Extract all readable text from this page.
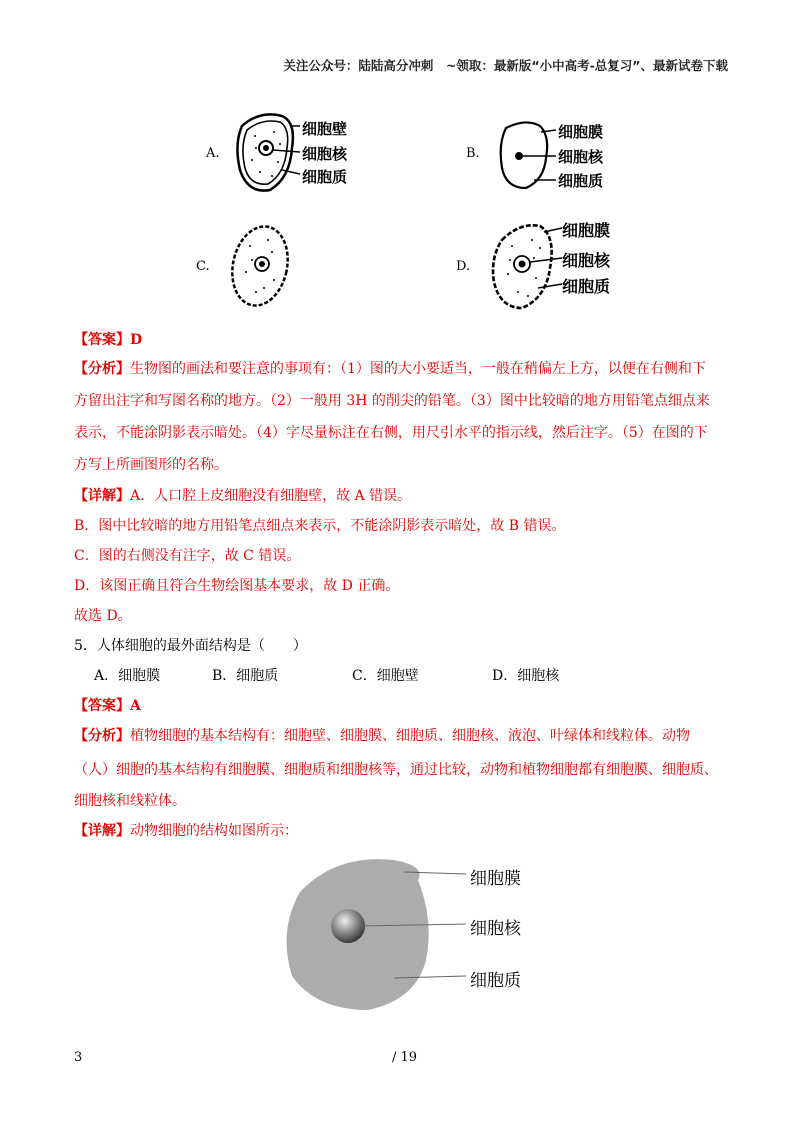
关注公众号：陆陆高分冲刺　~领取：最新版“小中高考-总复习”、最新试卷下载
A.
细胞壁
细胞核
细胞质
B.
细胞膜
细胞核
细胞质
C.	D.
细胞膜
细胞核
细胞质
【答案】D
【分析】生物图的画法和要注意的事项有：（1）图的大小要适当，一般在稍偏左上方，以便在右侧和下
方留出注字和写图名称的地方。（2）一般用 3H 的削尖的铅笔。（3）图中比较暗的地方用铅笔点细点来
表示，不能涂阴影表示暗处。（4）字尽量标注在右侧，用尺引水平的指示线，然后注字。（5）在图的下
方写上所画图形的名称。
【详解】A．人口腔上皮细胞没有细胞壁，故 A 错误。
B．图中比较暗的地方用铅笔点细点来表示，不能涂阴影表示暗处，故 B 错误。
C．图的右侧没有注字，故 C 错误。
D．该图正确且符合生物绘图基本要求，故 D 正确。
故选 D。
5．人体细胞的最外面结构是（　　）
A．细胞膜	B．细胞质	C．细胞壁	D．细胞核
【答案】A
【分析】植物细胞的基本结构有：细胞壁、细胞膜、细胞质、细胞核、液泡、叶绿体和线粒体。动物
（人）细胞的基本结构有细胞膜、细胞质和细胞核等，通过比较，动物和植物细胞都有细胞膜、细胞质、
细胞核和线粒体。
【详解】动物细胞的结构如图所示：
细胞膜
细胞核
细胞质
3	/ 19
